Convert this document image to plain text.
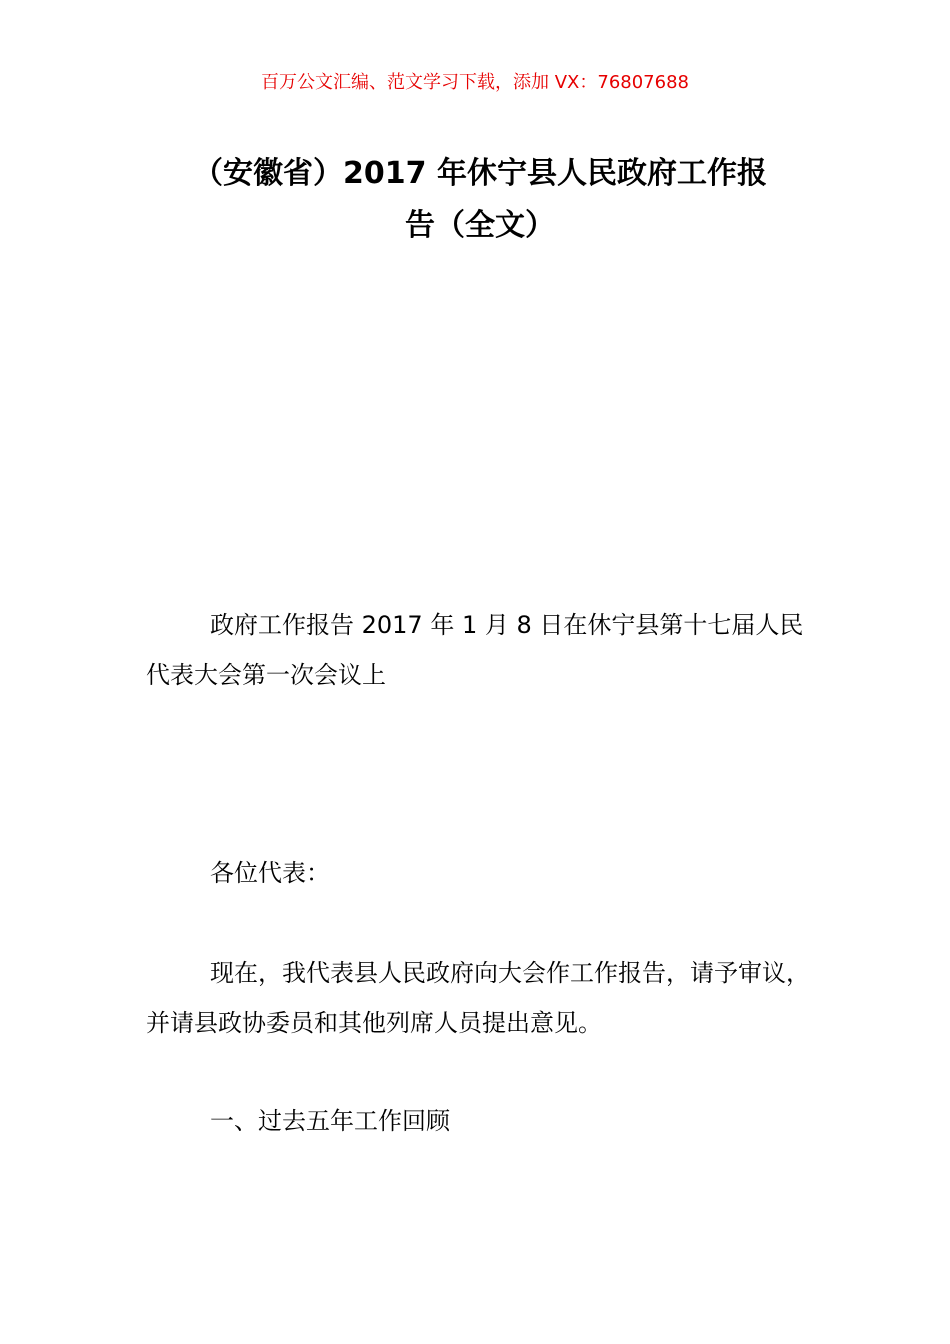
百万公文汇编、范文学习下载，添加 VX：76807688
（安徽省）2017 年休宁县人民政府工作报
告（全文）

政府工作报告 2017 年 1 月 8 日在休宁县第十七届人民代表大会第一次会议上

各位代表：

现在，我代表县人民政府向大会作工作报告，请予审议，并请县政协委员和其他列席人员提出意见。

一、过去五年工作回顾
